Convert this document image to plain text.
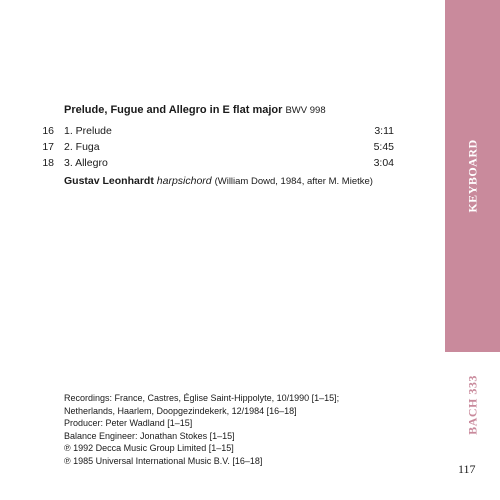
KEYBOARD
BACH 333
117
Prelude, Fugue and Allegro in E flat major BWV 998
16 1. Prelude	3:11
17 2. Fuga	5:45
18 3. Allegro	3:04
Gustav Leonhardt harpsichord (William Dowd, 1984, after M. Mietke)
Recordings: France, Castres, Église Saint-Hippolyte, 10/1990 [1–15];
Netherlands, Haarlem, Doopgezindekerk, 12/1984 [16–18]
Producer: Peter Wadland [1–15]
Balance Engineer: Jonathan Stokes [1–15]
℗ 1992 Decca Music Group Limited [1–15]
℗ 1985 Universal International Music B.V. [16–18]
